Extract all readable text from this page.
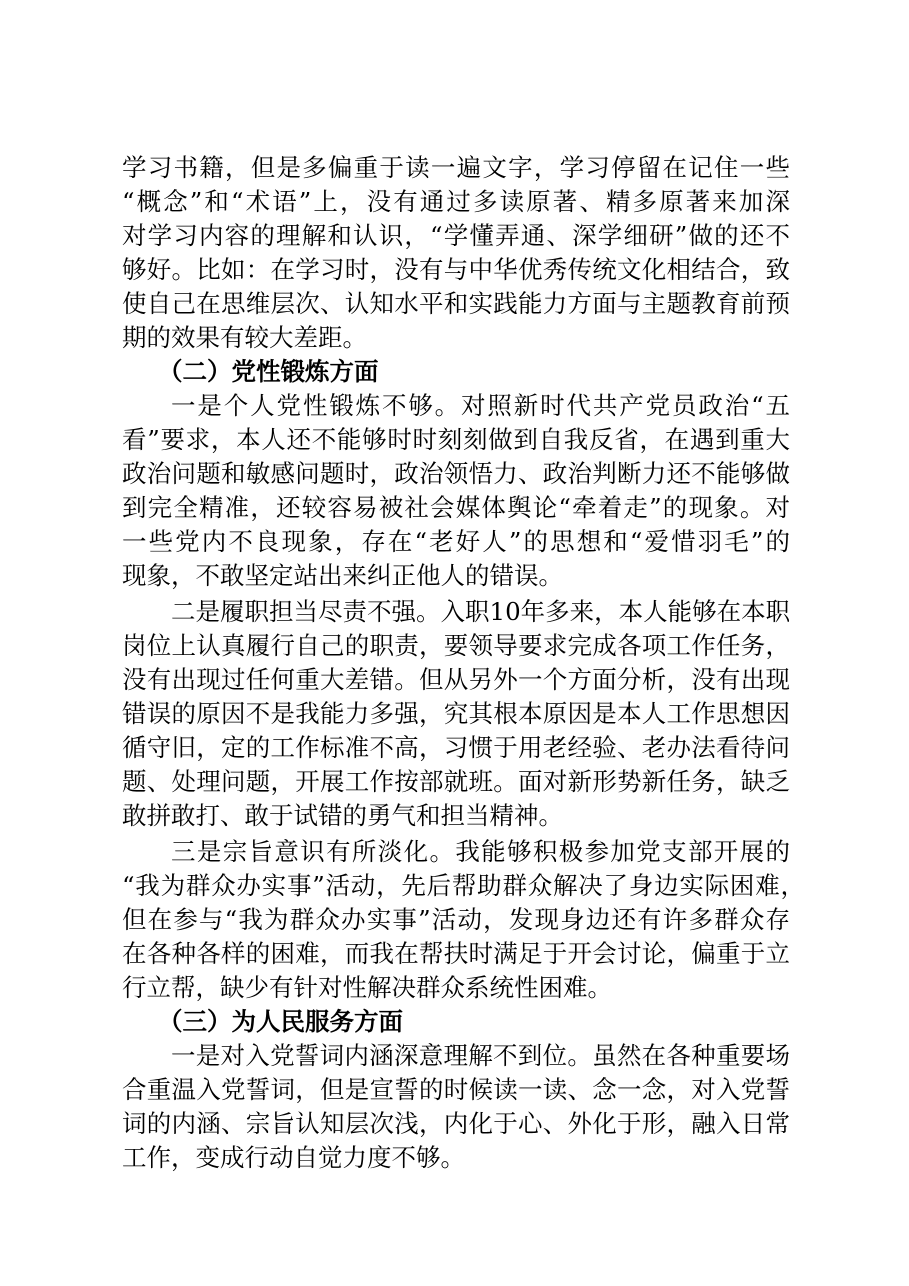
学习书籍，但是多偏重于读一遍文字，学习停留在记住一些
“概念”和“术语”上，没有通过多读原著、精多原著来加深
对学习内容的理解和认识，“学懂弄通、深学细研”做的还不
够好。比如：在学习时，没有与中华优秀传统文化相结合，致
使自己在思维层次、认知水平和实践能力方面与主题教育前预
期的效果有较大差距。
（二）党性锻炼方面
一是个人党性锻炼不够。对照新时代共产党员政治“五
看”要求，本人还不能够时时刻刻做到自我反省，在遇到重大
政治问题和敏感问题时，政治领悟力、政治判断力还不能够做
到完全精准，还较容易被社会媒体舆论“牵着走”的现象。对
一些党内不良现象，存在“老好人”的思想和“爱惜羽毛”的
现象，不敢坚定站出来纠正他人的错误。
二是履职担当尽责不强。入职10年多来，本人能够在本职
岗位上认真履行自己的职责，要领导要求完成各项工作任务，
没有出现过任何重大差错。但从另外一个方面分析，没有出现
错误的原因不是我能力多强，究其根本原因是本人工作思想因
循守旧，定的工作标准不高，习惯于用老经验、老办法看待问
题、处理问题，开展工作按部就班。面对新形势新任务，缺乏
敢拼敢打、敢于试错的勇气和担当精神。
三是宗旨意识有所淡化。我能够积极参加党支部开展的
“我为群众办实事”活动，先后帮助群众解决了身边实际困难，
但在参与“我为群众办实事”活动，发现身边还有许多群众存
在各种各样的困难，而我在帮扶时满足于开会讨论，偏重于立
行立帮，缺少有针对性解决群众系统性困难。
（三）为人民服务方面
一是对入党誓词内涵深意理解不到位。虽然在各种重要场
合重温入党誓词，但是宣誓的时候读一读、念一念，对入党誓
词的内涵、宗旨认知层次浅，内化于心、外化于形，融入日常
工作，变成行动自觉力度不够。
